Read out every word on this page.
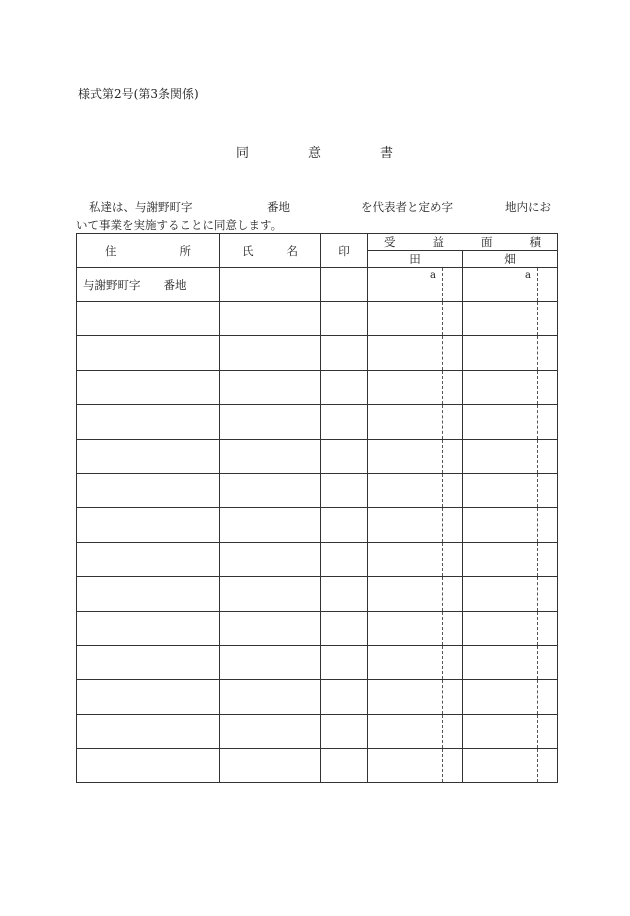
様式第2号(第3条関係)
同	意	書
私達は、与謝野町字	番地	を代表者と定め字	地内にお
いて事業を実施することに同意します。
住 所	氏 名	印	受 益 面 積	

			田	畑
与謝野町字　　番地			a	a
